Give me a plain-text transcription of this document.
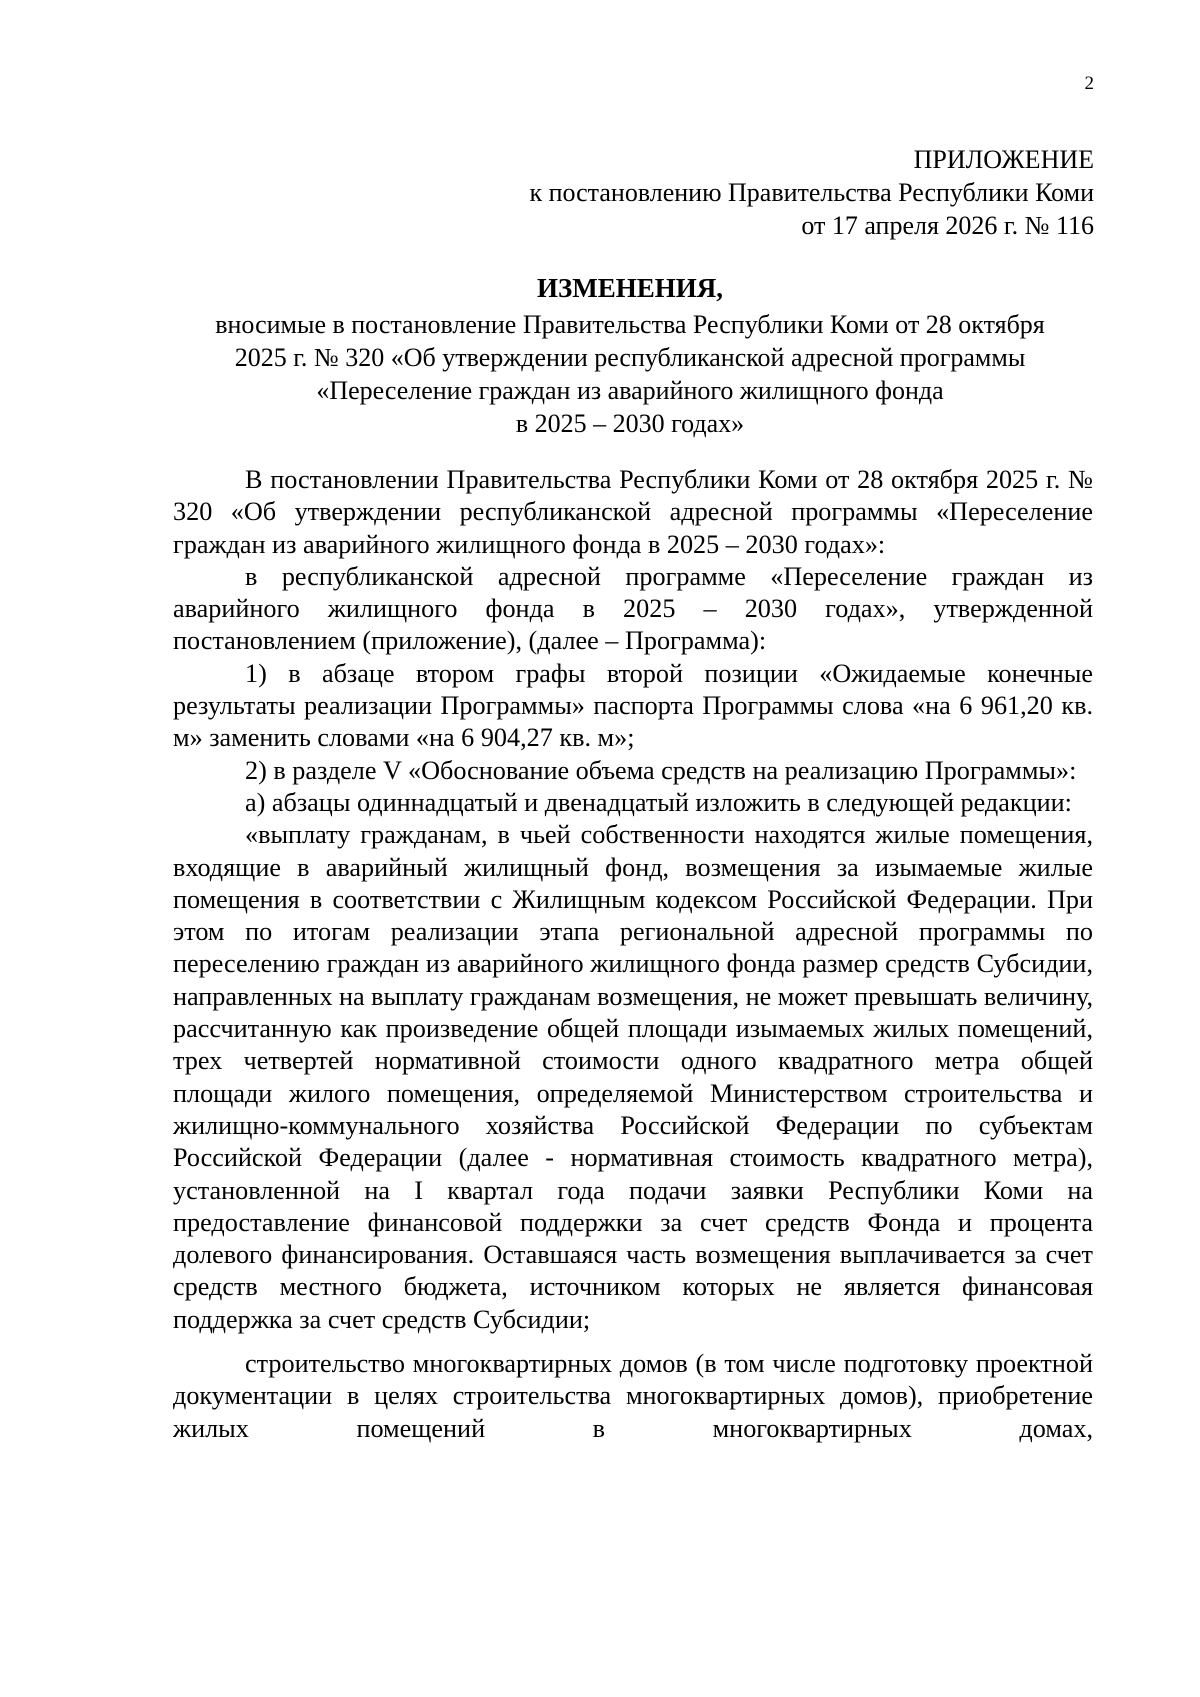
2
ПРИЛОЖЕНИЕ
к постановлению Правительства Республики Коми
от 17 апреля 2026 г. № 116
ИЗМЕНЕНИЯ,
вносимые в постановление Правительства Республики Коми от 28 октября
2025 г. № 320 «Об утверждении республиканской адресной программы
«Переселение граждан из аварийного жилищного фонда
в 2025 – 2030 годах»

В постановлении Правительства Республики Коми от 28 октября 2025 г. № 320 «Об утверждении республиканской адресной программы «Переселение граждан из аварийного жилищного фонда в 2025 – 2030 годах»:

в республиканской адресной программе «Переселение граждан из аварийного жилищного фонда в 2025 – 2030 годах», утвержденной постановлением (приложение), (далее – Программа):

1) в абзаце втором графы второй позиции «Ожидаемые конечные результаты реализации Программы» паспорта Программы слова «на 6 961,20 кв. м» заменить словами «на 6 904,27 кв. м»;

2) в разделе V «Обоснование объема средств на реализацию Программы»:

а) абзацы одиннадцатый и двенадцатый изложить в следующей редакции:

«выплату гражданам, в чьей собственности находятся жилые помещения, входящие в аварийный жилищный фонд, возмещения за изымаемые жилые помещения в соответствии с Жилищным кодексом Российской Федерации. При этом по итогам реализации этапа региональной адресной программы по переселению граждан из аварийного жилищного фонда размер средств Субсидии, направленных на выплату гражданам возмещения, не может превышать величину, рассчитанную как произведение общей площади изымаемых жилых помещений, трех четвертей нормативной стоимости одного квадратного метра общей площади жилого помещения, определяемой Министерством строительства и жилищно-коммунального хозяйства Российской Федерации по субъектам Российской Федерации (далее - нормативная стоимость квадратного метра), установленной на I квартал года подачи заявки Республики Коми на предоставление финансовой поддержки за счет средств Фонда и процента долевого финансирования. Оставшаяся часть возмещения выплачивается за счет средств местного бюджета, источником которых не является финансовая поддержка за счет средств Субсидии;

строительство многоквартирных домов (в том числе подготовку проектной документации в целях строительства многоквартирных домов), приобретение жилых помещений в многоквартирных домах,
